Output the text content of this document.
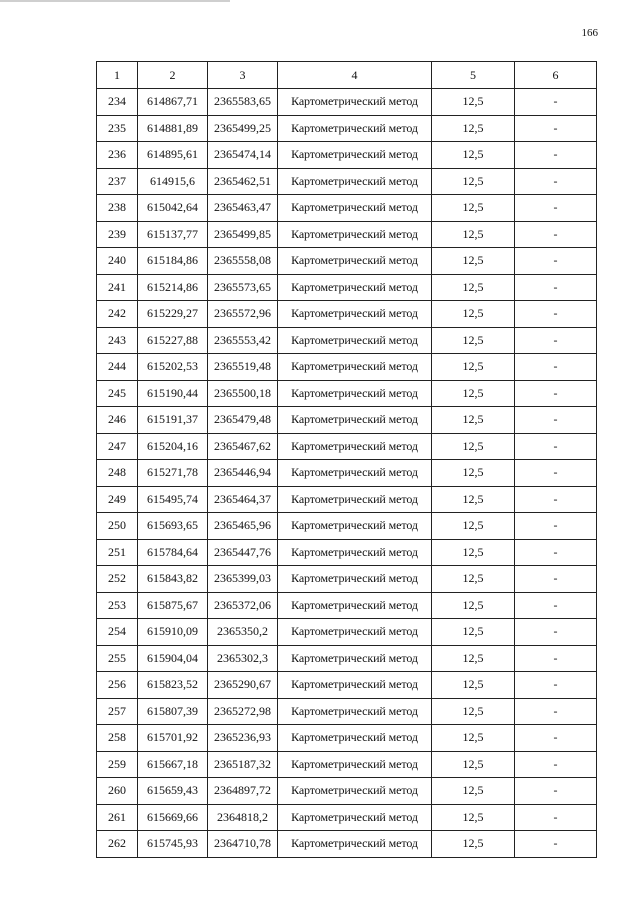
166
1	2	3	4	5	6
234	614867,71	2365583,65	Картометрический метод	12,5	-
235	614881,89	2365499,25	Картометрический метод	12,5	-
236	614895,61	2365474,14	Картометрический метод	12,5	-
237	614915,6	2365462,51	Картометрический метод	12,5	-
238	615042,64	2365463,47	Картометрический метод	12,5	-
239	615137,77	2365499,85	Картометрический метод	12,5	-
240	615184,86	2365558,08	Картометрический метод	12,5	-
241	615214,86	2365573,65	Картометрический метод	12,5	-
242	615229,27	2365572,96	Картометрический метод	12,5	-
243	615227,88	2365553,42	Картометрический метод	12,5	-
244	615202,53	2365519,48	Картометрический метод	12,5	-
245	615190,44	2365500,18	Картометрический метод	12,5	-
246	615191,37	2365479,48	Картометрический метод	12,5	-
247	615204,16	2365467,62	Картометрический метод	12,5	-
248	615271,78	2365446,94	Картометрический метод	12,5	-
249	615495,74	2365464,37	Картометрический метод	12,5	-
250	615693,65	2365465,96	Картометрический метод	12,5	-
251	615784,64	2365447,76	Картометрический метод	12,5	-
252	615843,82	2365399,03	Картометрический метод	12,5	-
253	615875,67	2365372,06	Картометрический метод	12,5	-
254	615910,09	2365350,2	Картометрический метод	12,5	-
255	615904,04	2365302,3	Картометрический метод	12,5	-
256	615823,52	2365290,67	Картометрический метод	12,5	-
257	615807,39	2365272,98	Картометрический метод	12,5	-
258	615701,92	2365236,93	Картометрический метод	12,5	-
259	615667,18	2365187,32	Картометрический метод	12,5	-
260	615659,43	2364897,72	Картометрический метод	12,5	-
261	615669,66	2364818,2	Картометрический метод	12,5	-
262	615745,93	2364710,78	Картометрический метод	12,5	-
